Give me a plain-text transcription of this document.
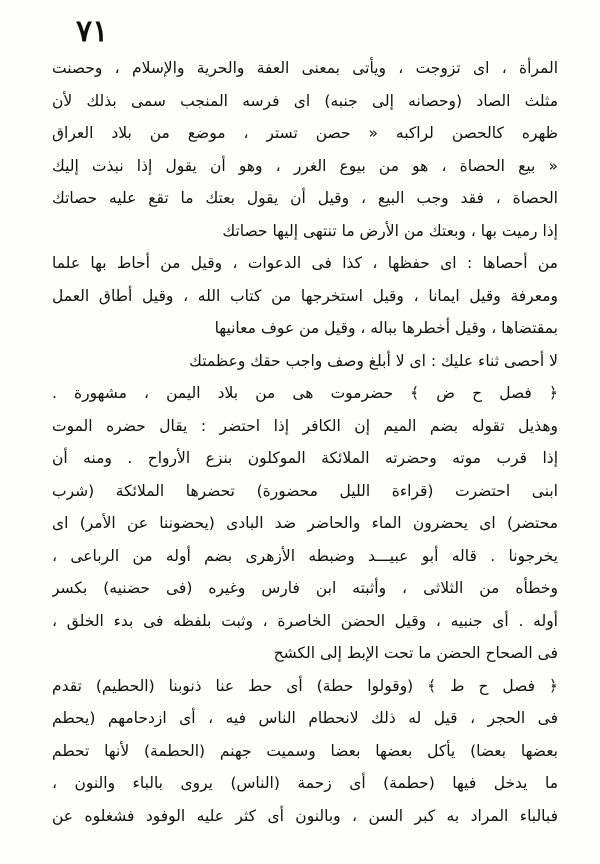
٧١
المرأة ، اى تزوجت ، ويأتى بمعنى العفة والحرية والإسلام ، وحصنت
مثلث الصاد (وحصانه إلى جنبه) اى فرسه المنجب سمى بذلك لأن
ظهره كالحصن لراكبه « حصن تستر ، موضع من بلاد العراق
« بيع الحصاة ، هو من بيوع الغرر ، وهو أن يقول إذا نبذت إليك
الحصاة ، فقد وجب البيع ، وقيل أن يقول بعتك ما تقع عليه حصاتك
إذا رميت بها ، وبعتك من الأرض ما تنتهى إليها حصاتك
من أحصاها : اى حفظها ، كذا فى الدعوات ، وقيل من أحاط بها علما
ومعرفة وقيل ايمانا ، وقيل استخرجها من كتاب الله ، وقيل أطاق العمل
بمقتضاها ، وقيل أخطرها بباله ، وقيل من عوف معانيها
لا أحصى ثناء عليك : اى لا أبلغ وصف واجب حقك وعظمتك
﴿ فصل ح ض ﴾ حضرموت هى من بلاد اليمن ، مشهورة .
وهذيل تقوله بضم الميم إن الكافر إذا احتضر : يقال حضره الموت
إذا قرب موته وحضرته الملائكة الموكلون بنزع الأرواح . ومنه أن
ابنى احتضرت (قراءة الليل محضورة) تحضرها الملائكة (شرب
محتضر) اى يحضرون الماء والحاضر ضد البادى (يحضوننا عن الأمر) اى
يخرجونا . قاله أبو عبيـــد وضبطه الأزهرى بضم أوله من الرباعى ،
وخطأه من الثلاثى ، وأثبته ابن فارس وغيره (فى حضنيه) بكسر
أوله . أى جنبيه ، وقيل الحضن الخاصرة ، وثبت بلفظه فى بدء الخلق ،
فى الصحاح الحضن ما تحت الإبط إلى الكشح
﴿ فصل ح ط ﴾ (وقولوا حطة) أى حط عنا ذنوبنا (الحطيم) تقدم
فى الحجر ، قيل له ذلك لانحطام الناس فيه ، أى ازدحامهم (يحطم
بعضها بعضا) يأكل بعضها بعضا وسميت جهنم (الحطمة) لأنها تحطم
ما يدخل فيها (حطمة) أى زحمة (الناس) يروى بالباء والنون ،
فبالباء المراد به كبر السن ، وبالنون أى كثر عليه الوفود فشغلوه عن
